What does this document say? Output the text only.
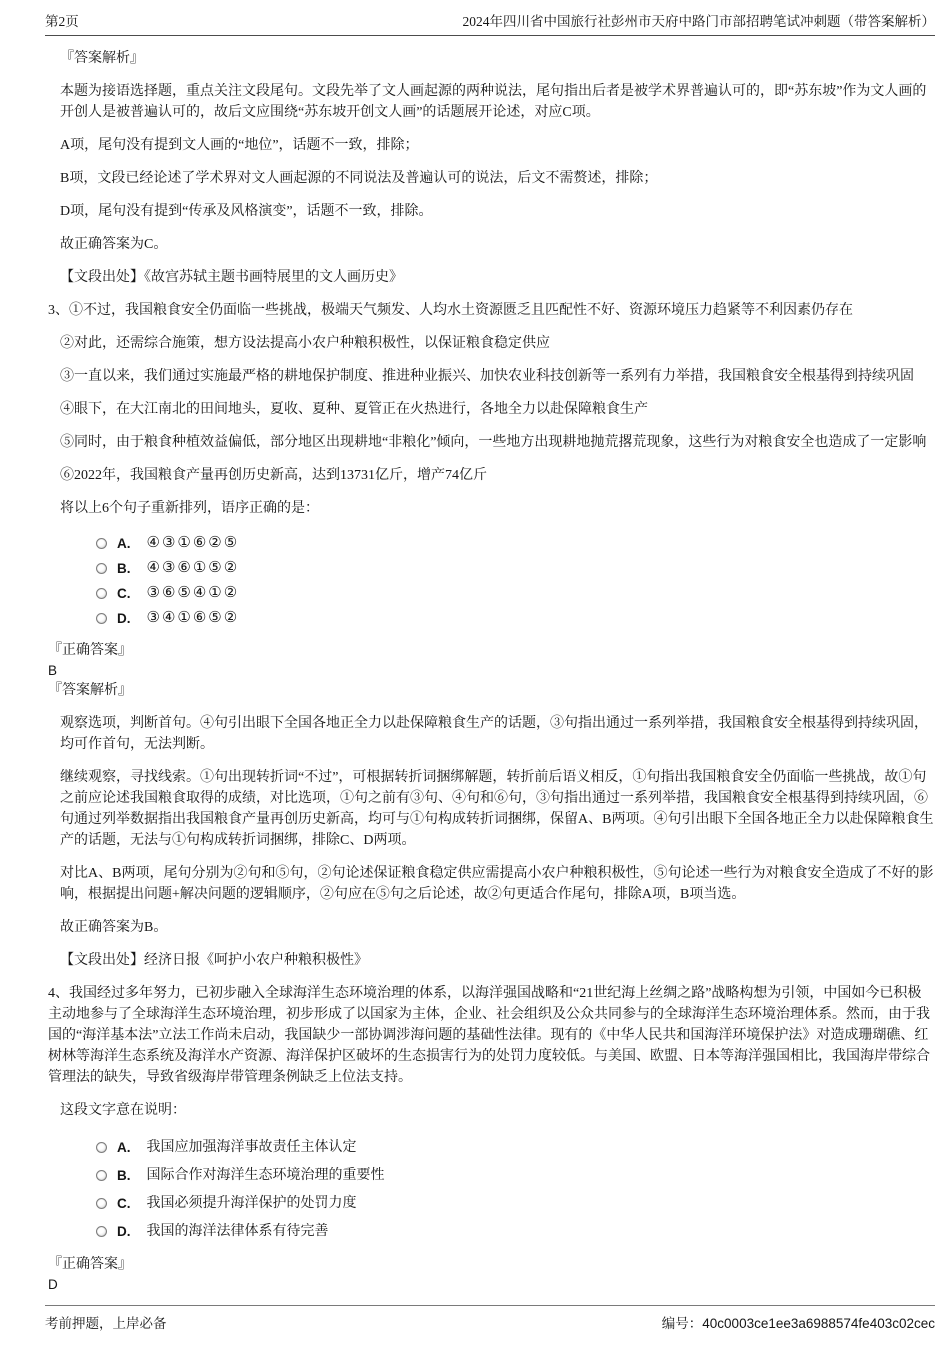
第2页	2024年四川省中国旅行社彭州市天府中路门市部招聘笔试冲刺题（带答案解析）
『答案解析』
本题为接语选择题，重点关注文段尾句。文段先举了文人画起源的两种说法，尾句指出后者是被学术界普遍认可的，即“苏东坡”作为文人画的开创人是被普遍认可的，故后文应围绕“苏东坡开创文人画”的话题展开论述，对应C项。
A项，尾句没有提到文人画的“地位”，话题不一致，排除；
B项，文段已经论述了学术界对文人画起源的不同说法及普遍认可的说法，后文不需赘述，排除；
D项，尾句没有提到“传承及风格演变”，话题不一致，排除。
故正确答案为C。
【文段出处】《故宫苏轼主题书画特展里的文人画历史》
3、①不过，我国粮食安全仍面临一些挑战，极端天气频发、人均水土资源匮乏且匹配性不好、资源环境压力趋紧等不利因素仍存在
②对此，还需综合施策，想方设法提高小农户种粮积极性，以保证粮食稳定供应
③一直以来，我们通过实施最严格的耕地保护制度、推进种业振兴、加快农业科技创新等一系列有力举措，我国粮食安全根基得到持续巩固
④眼下，在大江南北的田间地头，夏收、夏种、夏管正在火热进行，各地全力以赴保障粮食生产
⑤同时，由于粮食种植效益偏低，部分地区出现耕地“非粮化”倾向，一些地方出现耕地抛荒撂荒现象，这些行为对粮食安全也造成了一定影响
⑥2022年，我国粮食产量再创历史新高，达到13731亿斤，增产74亿斤
将以上6个句子重新排列，语序正确的是：
A. ④③①⑥②⑤
B. ④③⑥①⑤②
C. ③⑥⑤④①②
D. ③④①⑥⑤②
『正确答案』
B
『答案解析』
观察选项，判断首句。④句引出眼下全国各地正全力以赴保障粮食生产的话题，③句指出通过一系列举措，我国粮食安全根基得到持续巩固，均可作首句，无法判断。
继续观察，寻找线索。①句出现转折词“不过”，可根据转折词捆绑解题，转折前后语义相反，①句指出我国粮食安全仍面临一些挑战，故①句之前应论述我国粮食取得的成绩，对比选项，①句之前有③句、④句和⑥句，③句指出通过一系列举措，我国粮食安全根基得到持续巩固，⑥句通过列举数据指出我国粮食产量再创历史新高，均可与①句构成转折词捆绑，保留A、B两项。④句引出眼下全国各地正全力以赴保障粮食生产的话题，无法与①句构成转折词捆绑，排除C、D两项。
对比A、B两项，尾句分别为②句和⑤句，②句论述保证粮食稳定供应需提高小农户种粮积极性，⑤句论述一些行为对粮食安全造成了不好的影响，根据提出问题+解决问题的逻辑顺序，②句应在⑤句之后论述，故②句更适合作尾句，排除A项，B项当选。
故正确答案为B。
【文段出处】经济日报《呵护小农户种粮积极性》
4、我国经过多年努力，已初步融入全球海洋生态环境治理的体系，以海洋强国战略和“21世纪海上丝绸之路”战略构想为引领，中国如今已积极主动地参与了全球海洋生态环境治理，初步形成了以国家为主体，企业、社会组织及公众共同参与的全球海洋生态环境治理体系。然而，由于我国的“海洋基本法”立法工作尚未启动，我国缺少一部协调涉海问题的基础性法律。现有的《中华人民共和国海洋环境保护法》对造成珊瑚礁、红树林等海洋生态系统及海洋水产资源、海洋保护区破坏的生态损害行为的处罚力度较低。与美国、欧盟、日本等海洋强国相比，我国海岸带综合管理法的缺失，导致省级海岸带管理条例缺乏上位法支持。
这段文字意在说明：
A. 我国应加强海洋事故责任主体认定
B. 国际合作对海洋生态环境治理的重要性
C. 我国必须提升海洋保护的处罚力度
D. 我国的海洋法律体系有待完善
『正确答案』
D
考前押题，上岸必备	编号：40c0003ce1ee3a6988574fe403c02cec
